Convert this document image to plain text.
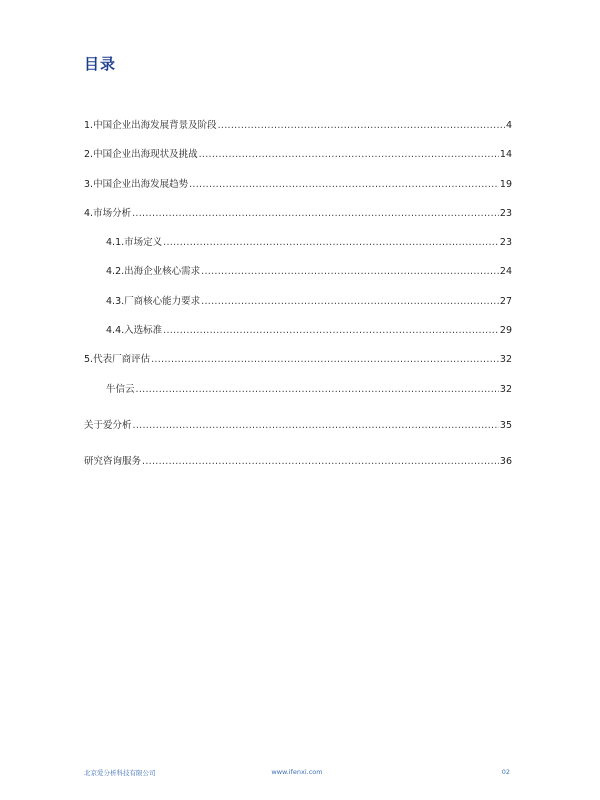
目录
1.中国企业出海发展背景及阶段 .....	4
2.中国企业出海现状及挑战 .....	14
3.中国企业出海发展趋势 .....	19
4.市场分析 .....	23
4.1.市场定义 .....	23
4.2.出海企业核心需求 .....	24
4.3.厂商核心能力要求 .....	27
4.4.入选标准 .....	29
5.代表厂商评估 .....	32
牛信云 .....	32
关于爱分析 .....	35
研究咨询服务 .....	36
北京爱分析科技有限公司	www.ifenxi.com	02
